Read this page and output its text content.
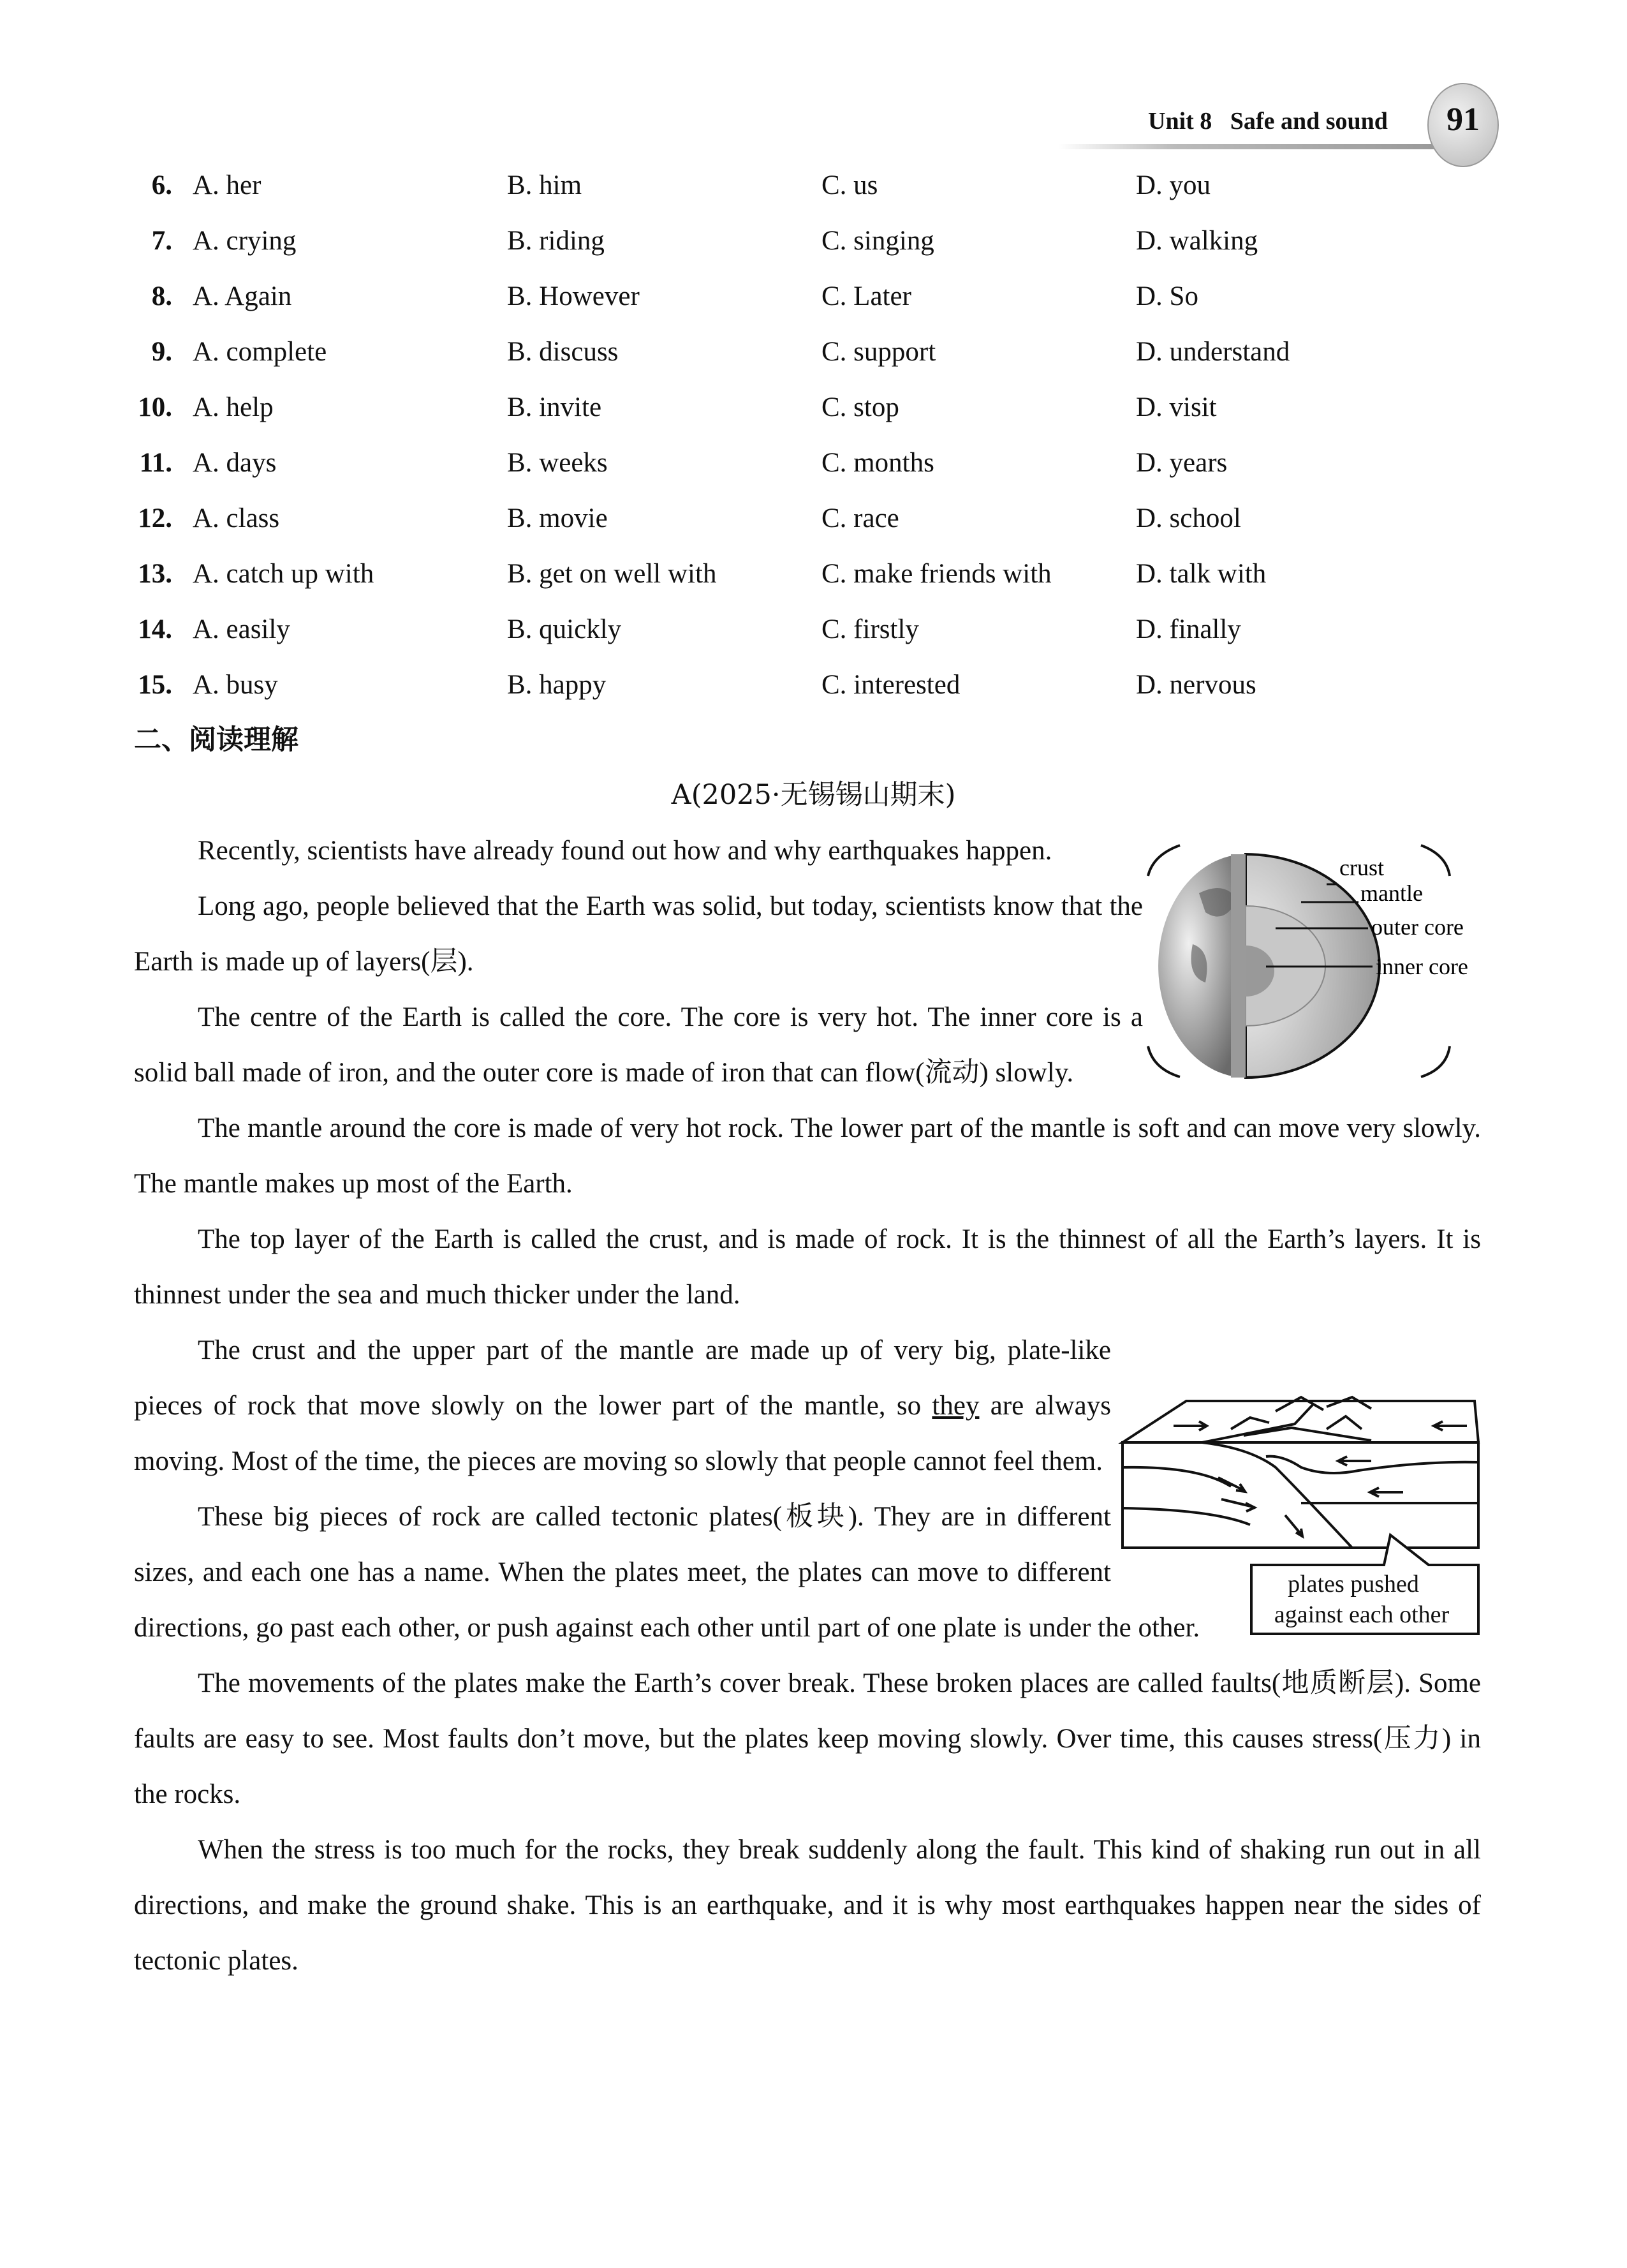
Unit 8 Safe and sound	91
6. A. her	B. him	C. us	D. you
7. A. crying	B. riding	C. singing	D. walking
8. A. Again	B. However	C. Later	D. So
9. A. complete	B. discuss	C. support	D. understand
10. A. help	B. invite	C. stop	D. visit
11. A. days	B. weeks	C. months	D. years
12. A. class	B. movie	C. race	D. school
13. A. catch up with	B. get on well with	C. make friends with	D. talk with
14. A. easily	B. quickly	C. firstly	D. finally
15. A. busy	B. happy	C. interested	D. nervous
二、阅读理解
A(2025·无锡锡山期末)

Recently, scientists have already found out how and why earthquakes happen.

Long ago, people believed that the Earth was solid, but today, scientists know that the Earth is made up of layers(层).

The centre of the Earth is called the core. The core is very hot. The inner core is a solid ball made of iron, and the outer core is made of iron that can flow(流动) slowly.

The mantle around the core is made of very hot rock. The lower part of the mantle is soft and can move very slowly. The mantle makes up most of the Earth.

The top layer of the Earth is called the crust, and is made of rock. It is the thinnest of all the Earth’s layers. It is thinnest under the sea and much thicker under the land.

The crust and the upper part of the mantle are made up of very big, plate-like pieces of rock that move slowly on the lower part of the mantle, so they are always moving. Most of the time, the pieces are moving so slowly that people cannot feel them.

These big pieces of rock are called tectonic plates(板块). They are in different sizes, and each one has a name. When the plates meet, the plates can move to different directions, go past each other, or push against each other until part of one plate is under the other.

The movements of the plates make the Earth’s cover break. These broken places are called faults(地质断层). Some faults are easy to see. Most faults don’t move, but the plates keep moving slowly. Over time, this causes stress(压力) in the rocks.

When the stress is too much for the rocks, they break suddenly along the fault. This kind of shaking run out in all directions, and make the ground shake. This is an earthquake, and it is why most earthquakes happen near the sides of tectonic plates.

crust
mantle
outer core
inner core
plates pushed
against each other
